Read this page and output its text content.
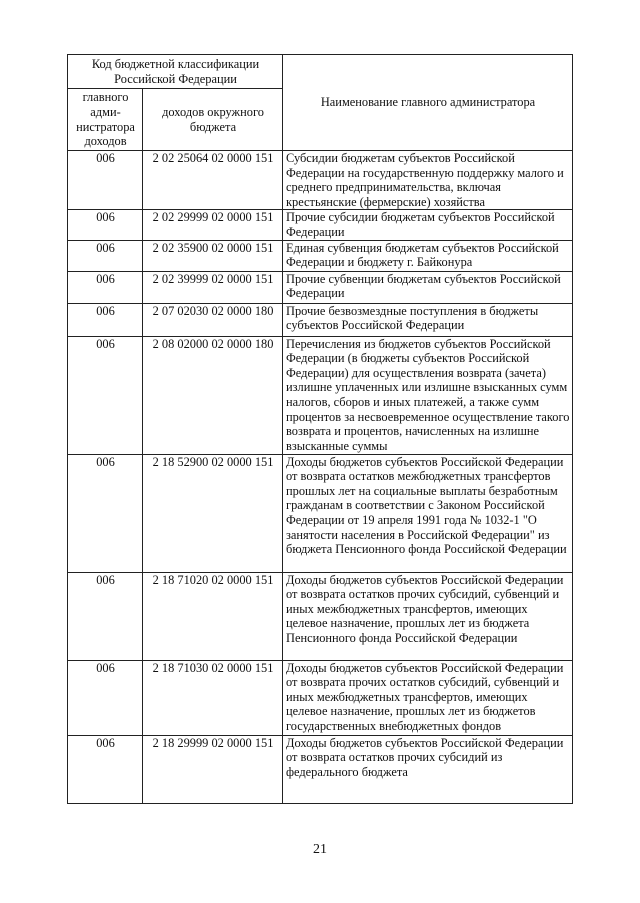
Код бюджетной классификации Российской Федерации		Наименование главного администратора
главного адми-нистратора доходов	доходов окружного бюджета	
006	2 02 25064 02 0000 151	Субсидии бюджетам субъектов Российской Федерации на государственную поддержку малого и среднего предпринимательства, включая крестьянские (фермерские) хозяйства
006	2 02 29999 02 0000 151	Прочие субсидии бюджетам субъектов Российской Федерации
006	2 02 35900 02 0000 151	Единая субвенция бюджетам субъектов Российской Федерации и бюджету г. Байконура
006	2 02 39999 02 0000 151	Прочие субвенции бюджетам субъектов Российской Федерации
006	2 07 02030 02 0000 180	Прочие безвозмездные поступления в бюджеты субъектов Российской Федерации
006	2 08 02000 02 0000 180	Перечисления из бюджетов субъектов Российской Федерации (в бюджеты субъектов Российской Федерации) для осуществления возврата (зачета) излишне уплаченных или излишне взысканных сумм налогов, сборов и иных платежей, а также сумм процентов за несвоевременное осуществление такого возврата и процентов, начисленных на излишне взысканные суммы
006	2 18 52900 02 0000 151	Доходы бюджетов субъектов Российской Федерации от возврата остатков межбюджетных трансфертов прошлых лет на социальные выплаты безработным гражданам в соответствии с Законом Российской Федерации от 19 апреля 1991 года № 1032-1 "О занятости населения в Российской Федерации" из бюджета Пенсионного фонда Российской Федерации
006	2 18 71020 02 0000 151	Доходы бюджетов субъектов Российской Федерации от возврата остатков прочих субсидий, субвенций и иных межбюджетных трансфертов, имеющих целевое назначение, прошлых лет из бюджета Пенсионного фонда Российской Федерации
006	2 18 71030 02 0000 151	Доходы бюджетов субъектов Российской Федерации от возврата прочих остатков субсидий, субвенций и иных межбюджетных трансфертов, имеющих целевое назначение, прошлых лет из бюджетов государственных внебюджетных фондов
006	2 18 29999 02 0000 151	Доходы бюджетов субъектов Российской Федерации от возврата остатков прочих субсидий из федерального бюджета
21
